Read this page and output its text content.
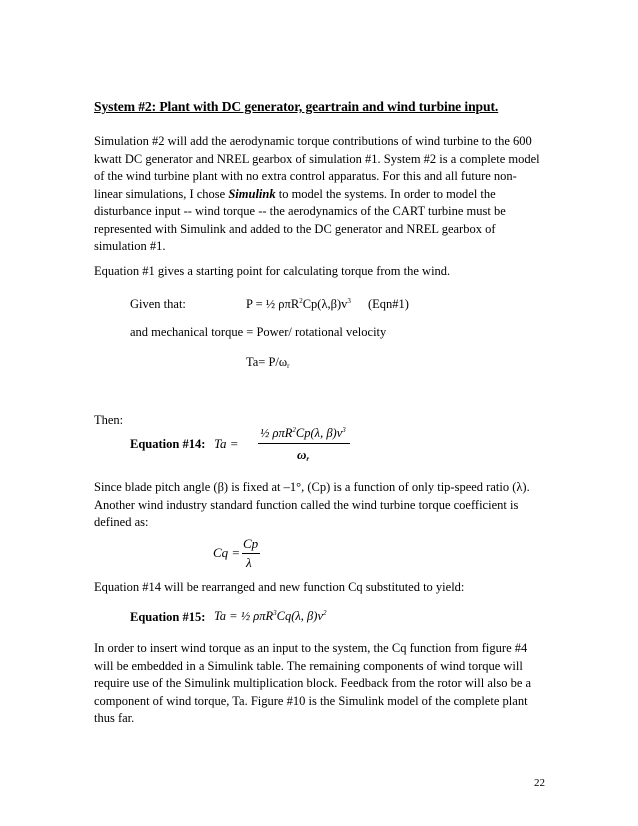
System #2: Plant with DC generator, geartrain and wind turbine input.
Simulation #2 will add the aerodynamic torque contributions of wind turbine to the 600
kwatt DC generator and NREL gearbox of simulation #1. System #2 is a complete model
of the wind turbine plant with no extra control apparatus. For this and all future non-
linear simulations, I chose Simulink to model the systems. In order to model the
disturbance input -- wind torque -- the aerodynamics of the CART turbine must be
represented with Simulink and added to the DC generator and NREL gearbox of
simulation #1.
Equation #1 gives a starting point for calculating torque from the wind.
Given that:	P = ½ $\rho\pi R^2Cp(\lambda,\beta)v^3$ (Eqn#1)
and mechanical torque = Power/ rotational velocity
$Ta= P/\omega_r$
Then:
Equation #14: Ta =
½ ρπR$^2$Cp(λ, $\beta)v^3$
$\omega_r$
Since blade pitch angle (β) is fixed at –1°, (Cp) is a function of only tip-speed ratio (λ).
Another wind industry standard function called the wind turbine torque coefficient is
defined as:
Cq =
Cp
λ
Equation #14 will be rearranged and new function Cq substituted to yield:
Equation #15: Ta = ½ ρπR$^3$Cq(λ, $\beta)v^2$
In order to insert wind torque as an input to the system, the Cq function from figure #4
will be embedded in a Simulink table. The remaining components of wind torque will
require use of the Simulink multiplication block. Feedback from the rotor will also be a
component of wind torque, Ta. Figure #10 is the Simulink model of the complete plant
thus far.
22
